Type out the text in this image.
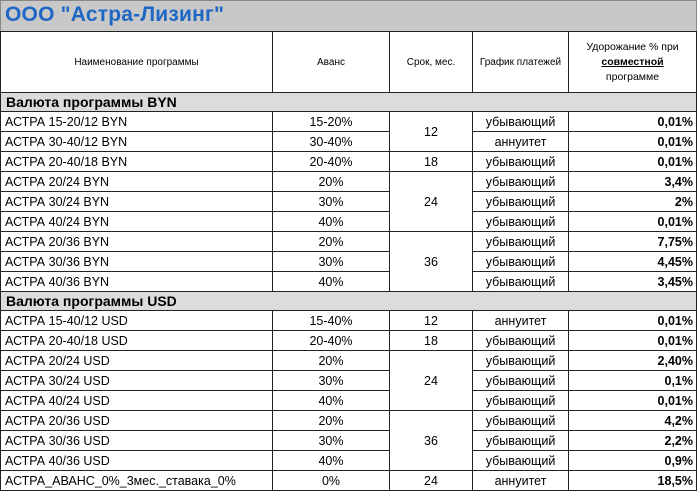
ООО "Астра-Лизинг"
Наименование программы	Аванс	Срок, мес.	График платежей	Удорожание % при
совместной
программе
Валюта программы BYN				
АСТРА 15-20/12 BYN	15-20%	12	убывающий	0,01%
АСТРА 30-40/12 BYN	30-40%		аннуитет	0,01%
АСТРА 20-40/18 BYN	20-40%	18	убывающий	0,01%
АСТРА 20/24 BYN	20%	24	убывающий	3,4%
АСТРА 30/24 BYN	30%		убывающий	2%
АСТРА 40/24 BYN	40%		убывающий	0,01%
АСТРА 20/36 BYN	20%	36	убывающий	7,75%
АСТРА 30/36 BYN	30%		убывающий	4,45%
АСТРА 40/36 BYN	40%		убывающий	3,45%
Валюта программы USD				
АСТРА 15-40/12 USD	15-40%	12	аннуитет	0,01%
АСТРА 20-40/18 USD	20-40%	18	убывающий	0,01%
АСТРА 20/24 USD	20%	24	убывающий	2,40%
АСТРА 30/24 USD	30%		убывающий	0,1%
АСТРА 40/24 USD	40%		убывающий	0,01%
АСТРА 20/36 USD	20%	36	убывающий	4,2%
АСТРА 30/36 USD	30%		убывающий	2,2%
АСТРА 40/36 USD	40%		убывающий	0,9%
АСТРА_АВАНС_0%_3мес._ставака_0%	0%	24	аннуитет	18,5%
